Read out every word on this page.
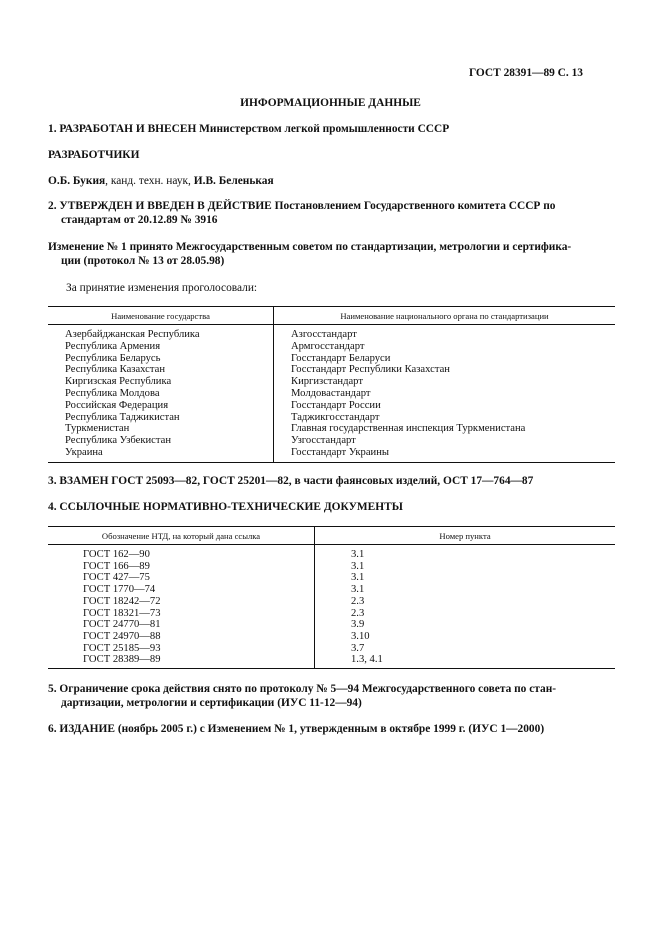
ГОСТ 28391—89 С. 13
ИНФОРМАЦИОННЫЕ ДАННЫЕ
1. РАЗРАБОТАН И ВНЕСЕН Министерством легкой промышленности СССР
РАЗРАБОТЧИКИ
О.Б. Букия, канд. техн. наук, И.В. Беленькая
2. УТВЕРЖДЕН И ВВЕДЕН В ДЕЙСТВИЕ Постановлением Государственного комитета СССР по
стандартам от 20.12.89 № 3916
Изменение № 1 принято Межгосударственным советом по стандартизации, метрологии и сертифика-
ции (протокол № 13 от 28.05.98)
За принятие изменения проголосовали:
Наименование государства	Наименование национального органа по стандартизации
Азербайджанская Республика	Азгосстандарт
Республика Армения	Армгосстандарт
Республика Беларусь	Госстандарт Беларуси
Республика Казахстан	Госстандарт Республики Казахстан
Киргизская Республика	Киргизстандарт
Республика Молдова	Молдовастандарт
Российская Федерация	Госстандарт России
Республика Таджикистан	Таджикгосстандарт
Туркменистан	Главная государственная инспекция Туркменистана
Республика Узбекистан	Узгосстандарт
Украина	Госстандарт Украины
3. ВЗАМЕН ГОСТ 25093—82, ГОСТ 25201—82, в части фаянсовых изделий, ОСТ 17—764—87
4. ССЫЛОЧНЫЕ НОРМАТИВНО-ТЕХНИЧЕСКИЕ ДОКУМЕНТЫ
Обозначение НТД, на который дана ссылка	Номер пункта
ГОСТ 162—90	3.1
ГОСТ 166—89	3.1
ГОСТ 427—75	3.1
ГОСТ 1770—74	3.1
ГОСТ 18242—72	2.3
ГОСТ 18321—73	2.3
ГОСТ 24770—81	3.9
ГОСТ 24970—88	3.10
ГОСТ 25185—93	3.7
ГОСТ 28389—89	1.3, 4.1
5. Ограничение срока действия снято по протоколу № 5—94 Межгосударственного совета по стан-
дартизации, метрологии и сертификации (ИУС 11-12—94)
6. ИЗДАНИЕ (ноябрь 2005 г.) с Изменением № 1, утвержденным в октябре 1999 г. (ИУС 1—2000)
